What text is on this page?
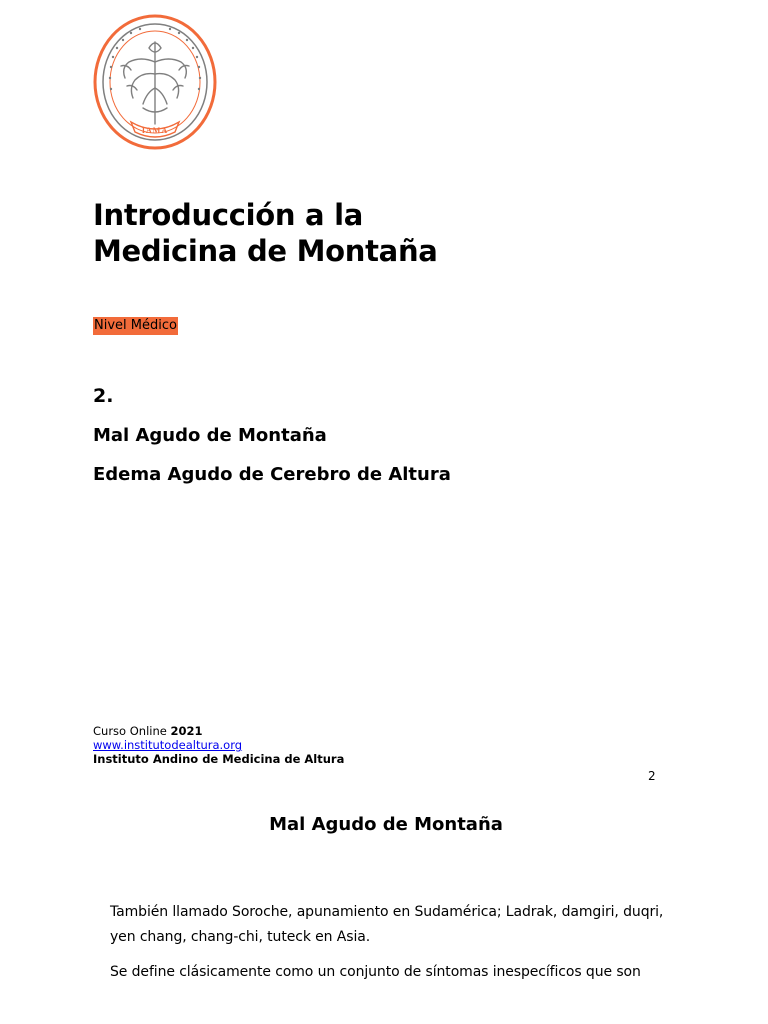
IAMA
Introducción a la
Medicina de Montaña
Nivel Médico
2.
Mal Agudo de Montaña
Edema Agudo de Cerebro de Altura
Curso Online 2021
www.institutodealtura.org
Instituto Andino de Medicina de Altura
2
Mal Agudo de Montaña
También llamado Soroche, apunamiento en Sudamérica; Ladrak, damgiri, duqri,
yen chang, chang-chi, tuteck en Asia.
Se define clásicamente como un conjunto de síntomas inespecíficos que son
